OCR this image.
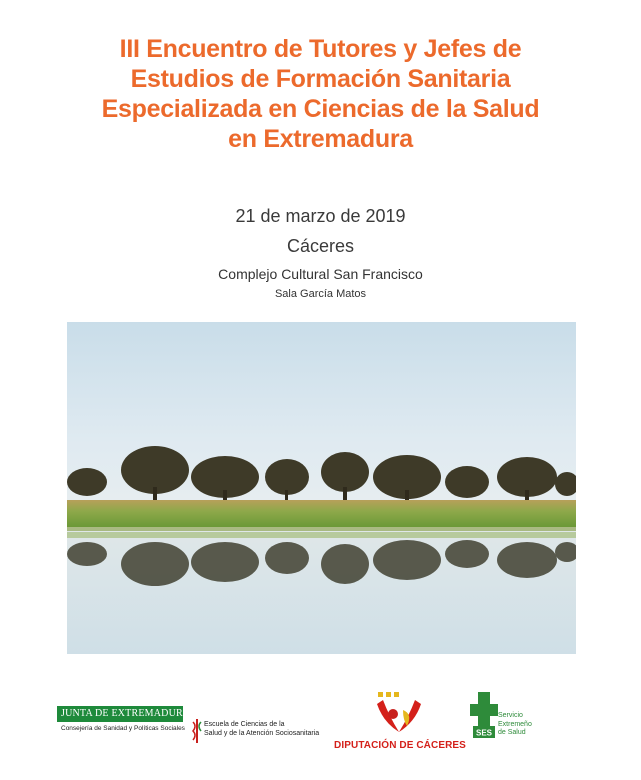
III Encuentro de Tutores y Jefes de
Estudios de Formación Sanitaria
Especializada en Ciencias de la Salud
en Extremadura
21 de marzo de 2019
Cáceres
Complejo Cultural San Francisco
Sala García Matos
JUNTA DE EXTREMADURA
Consejería de Sanidad y Políticas Sociales
Escuela de Ciencias de la
Salud y de la Atención Sociosanitaria
DIPUTACIÓN DE CÁCERES
SES
Servicio
Extremeño
de Salud
